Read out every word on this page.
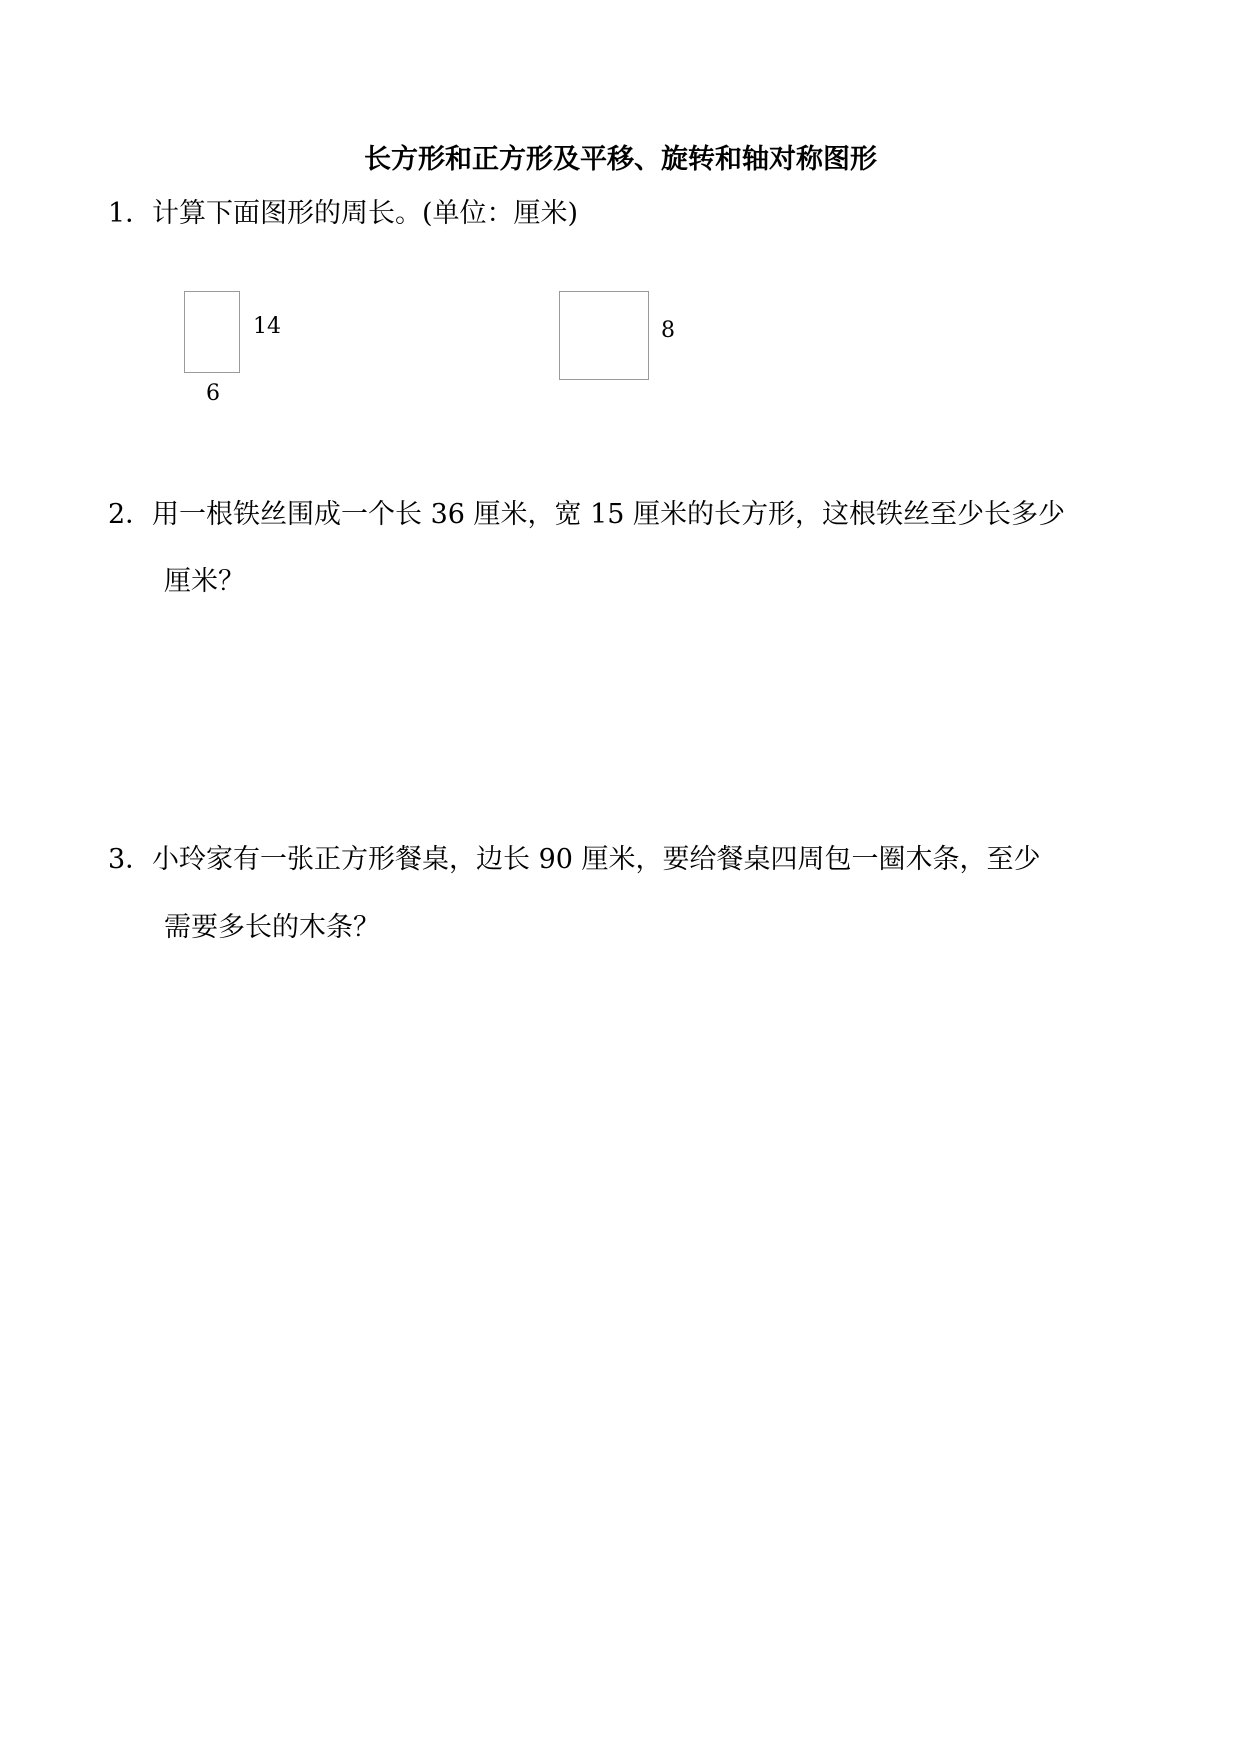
长方形和正方形及平移、旋转和轴对称图形
1．计算下面图形的周长。(单位：厘米)
14
6
8
2．用一根铁丝围成一个长 36 厘米，宽 15 厘米的长方形，这根铁丝至少长多少
厘米？
3．小玲家有一张正方形餐桌，边长 90 厘米，要给餐桌四周包一圈木条，至少
需要多长的木条？
